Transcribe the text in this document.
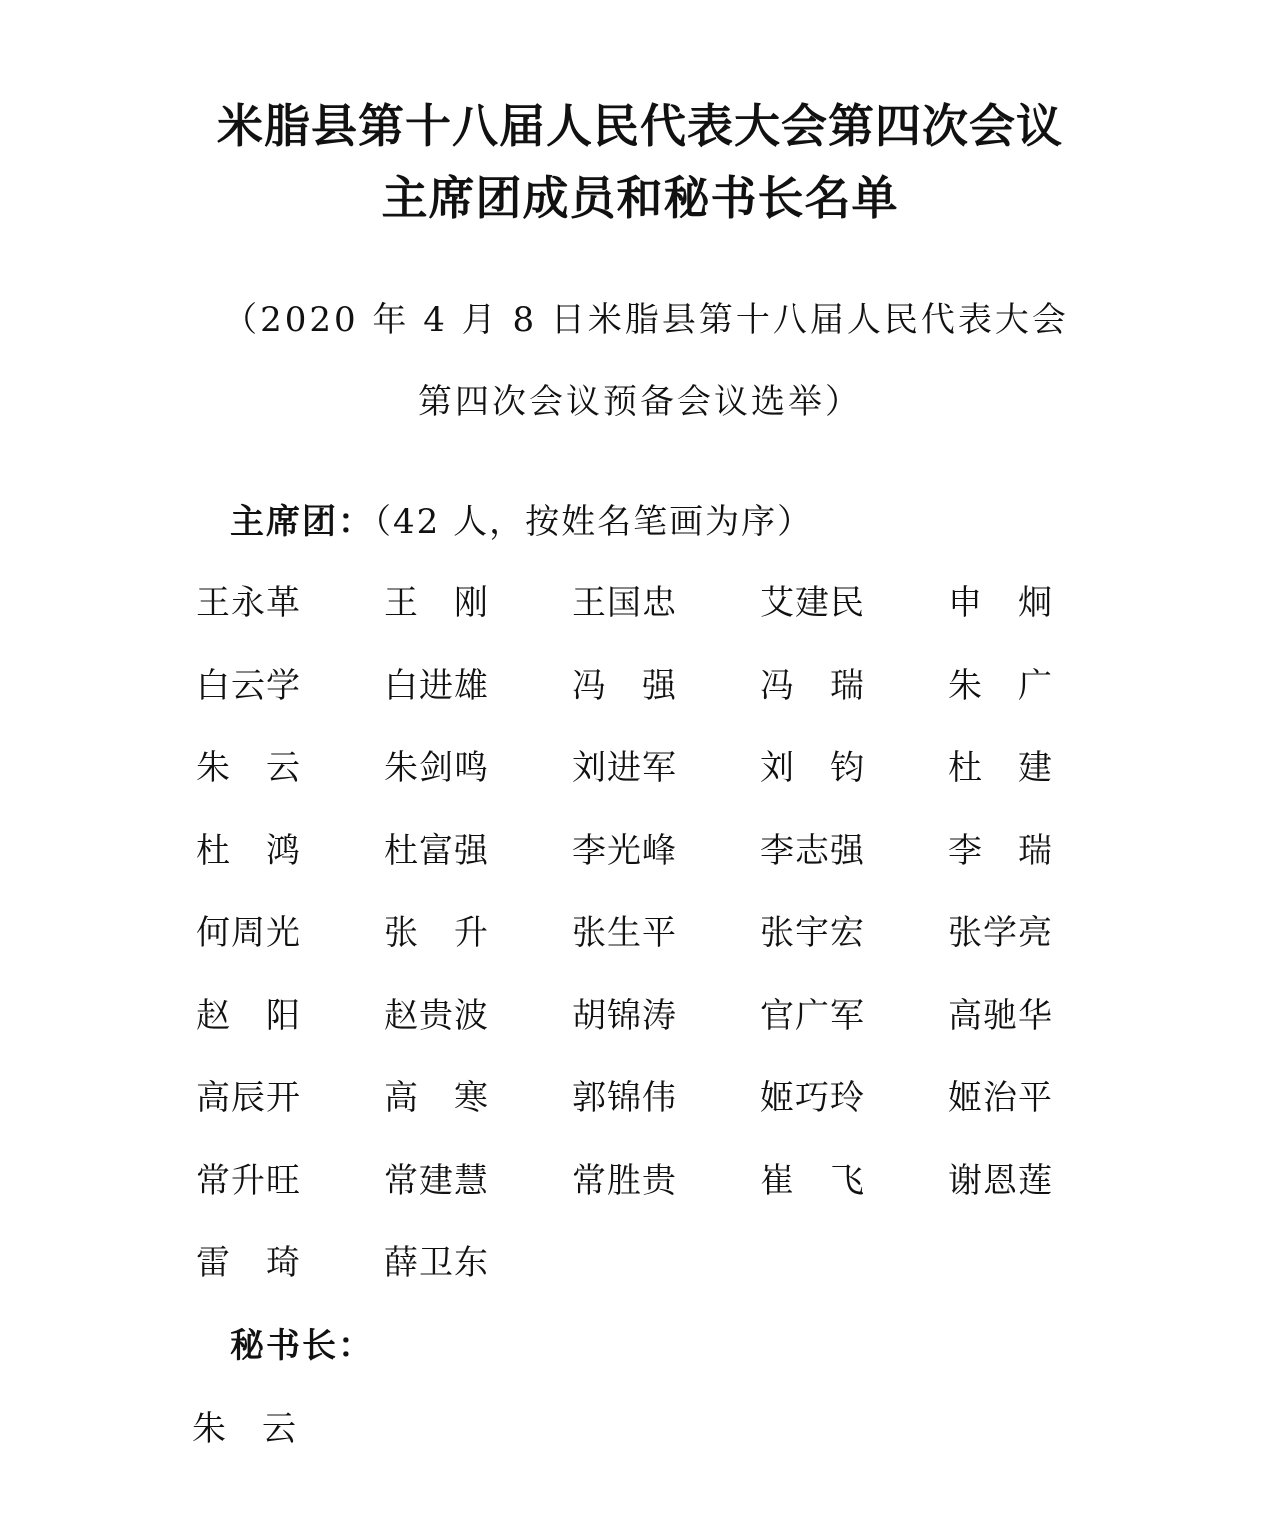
米脂县第十八届人民代表大会第四次会议
主席团成员和秘书长名单
（2020 年 4 月 8 日米脂县第十八届人民代表大会
第四次会议预备会议选举）
主席团：（42 人，按姓名笔画为序）
王永革	王　刚	王国忠	艾建民	申　炯
白云学	白进雄	冯　强	冯　瑞	朱　广
朱　云	朱剑鸣	刘进军	刘　钧	杜　建
杜　鸿	杜富强	李光峰	李志强	李　瑞
何周光	张　升	张生平	张宇宏	张学亮
赵　阳	赵贵波	胡锦涛	官广军	高驰华
高辰开	高　寒	郭锦伟	姬巧玲	姬治平
常升旺	常建慧	常胜贵	崔　飞	谢恩莲
雷　琦	薛卫东
秘书长：
朱　云
